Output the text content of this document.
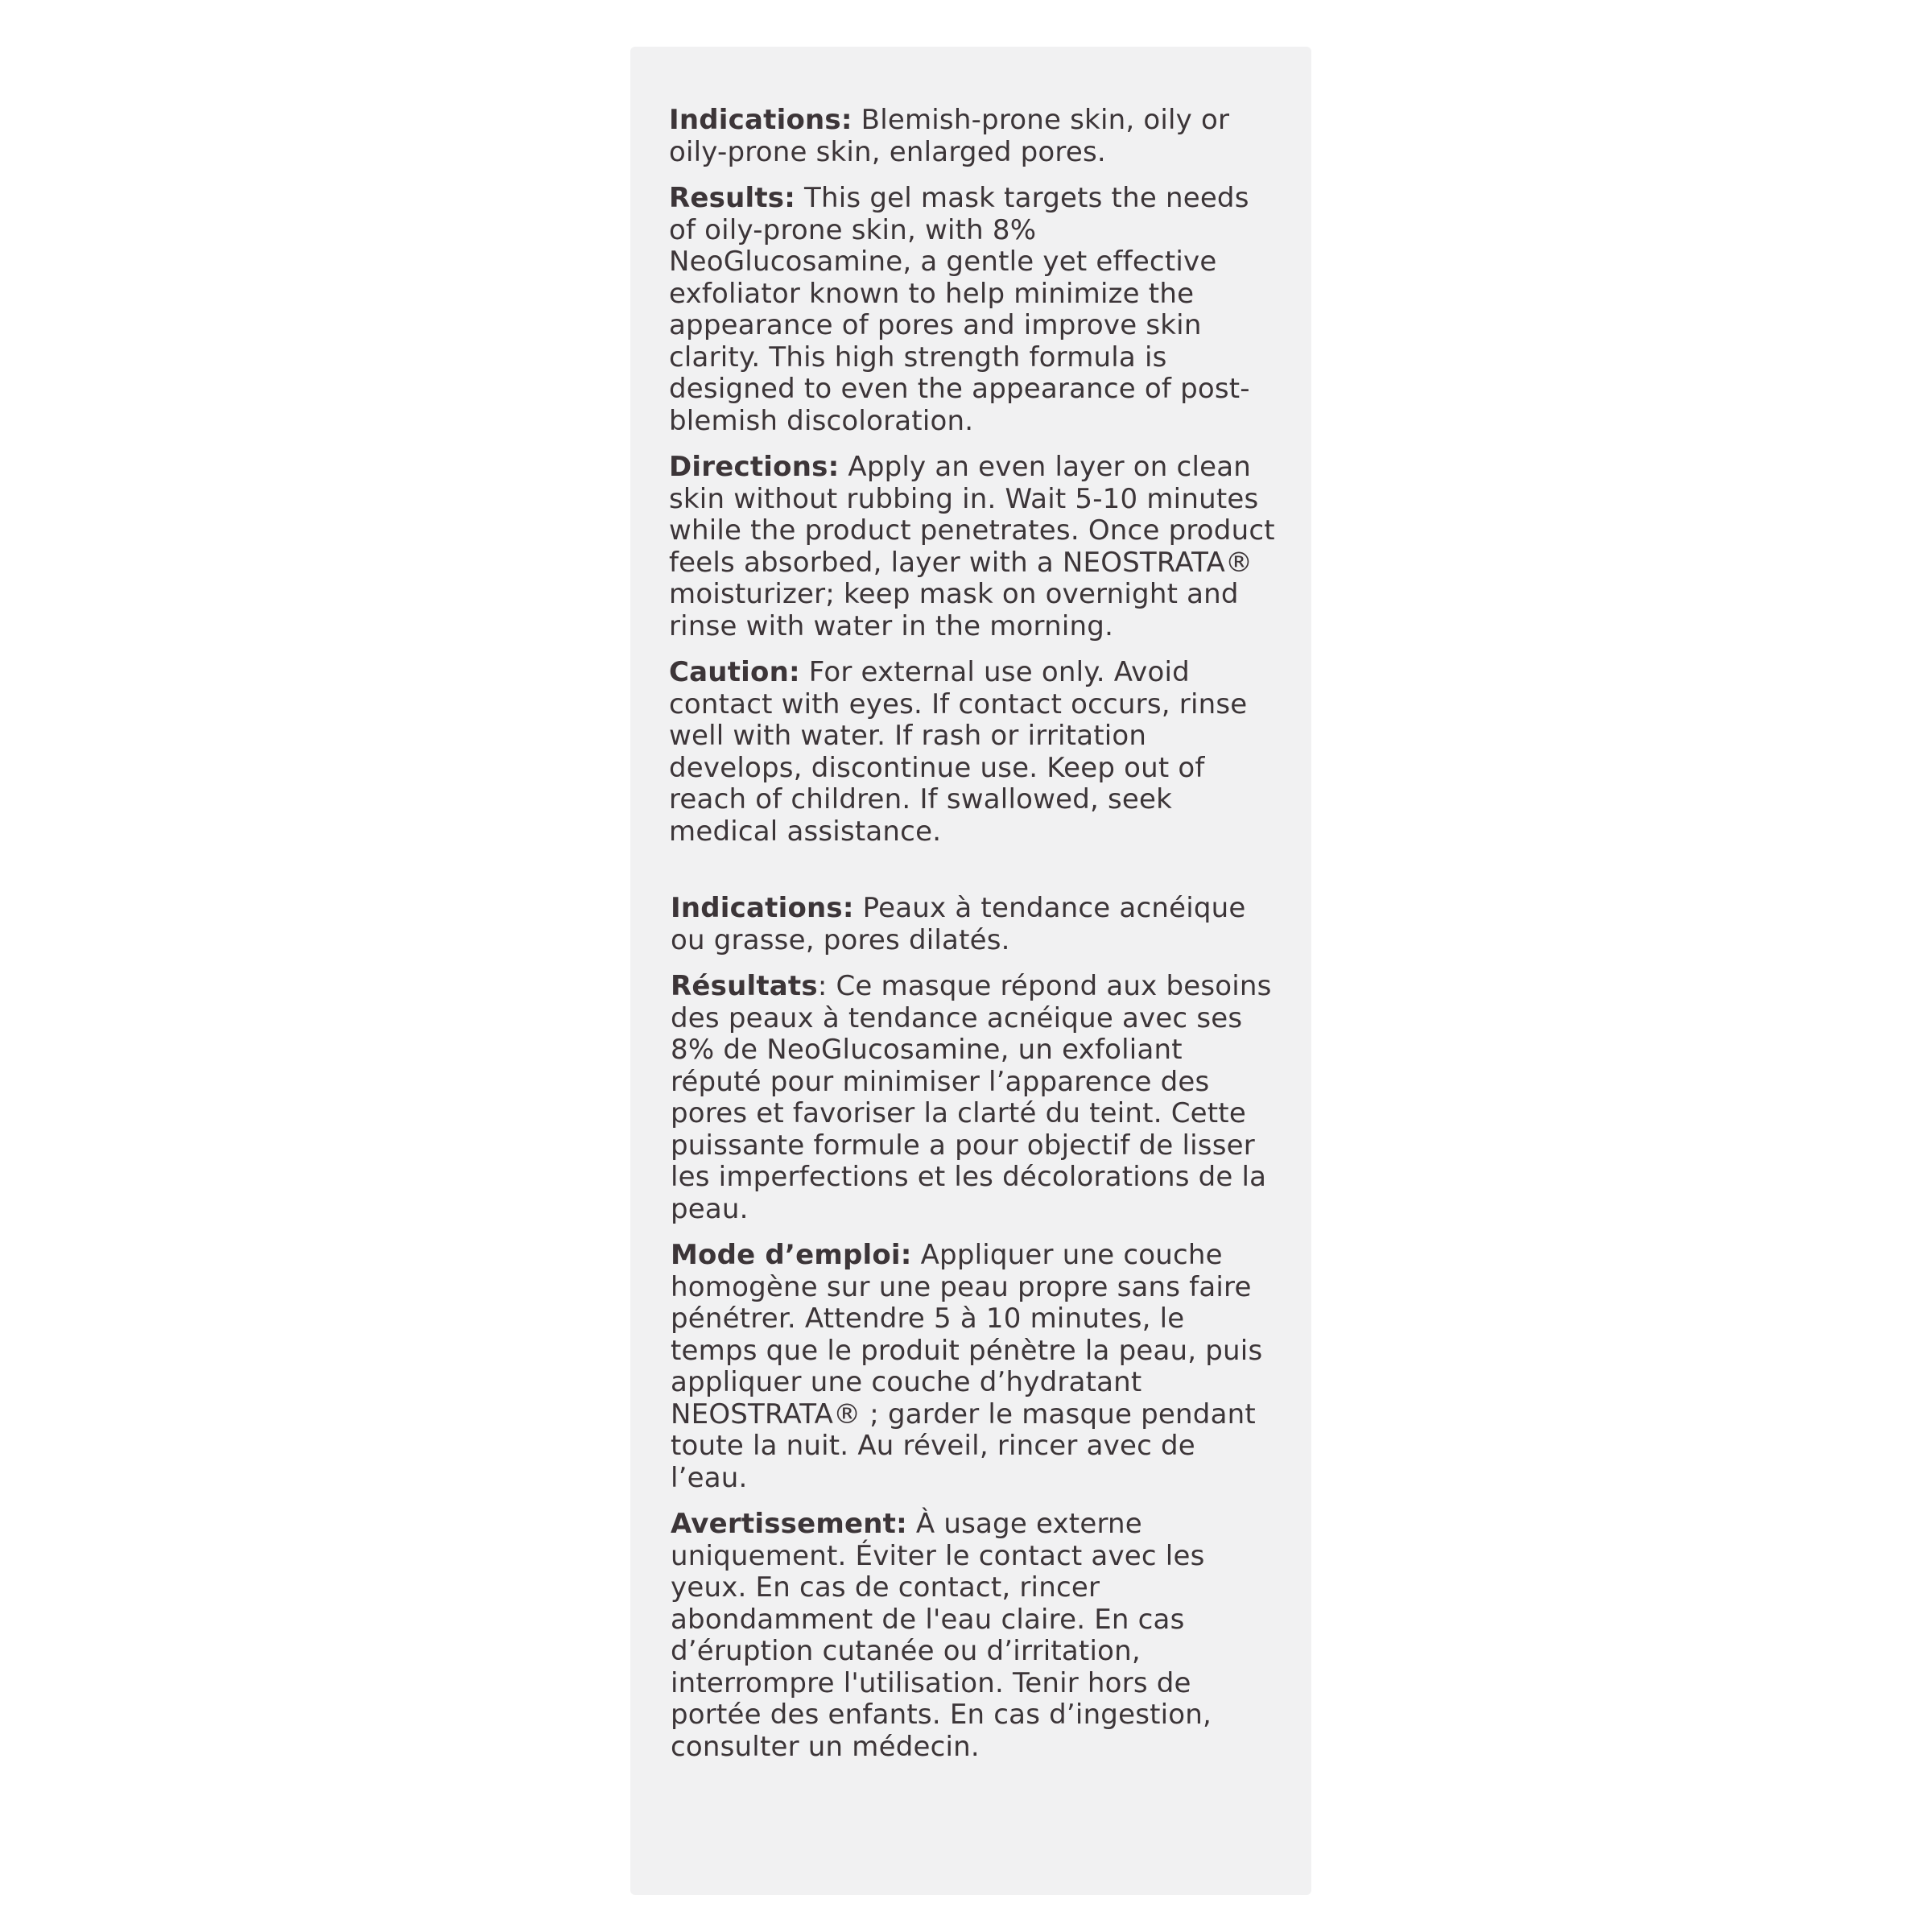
Indications: Blemish-prone skin, oily or oily-prone skin, enlarged pores.

Results: This gel mask targets the needs of oily-prone skin, with 8% NeoGlucosamine, a gentle yet effective exfoliator known to help minimize the appearance of pores and improve skin clarity. This high strength formula is designed to even the appearance of post-blemish discoloration.

Directions: Apply an even layer on clean skin without rubbing in. Wait 5-10 minutes while the product penetrates. Once product feels absorbed, layer with a NEOSTRATA® moisturizer; keep mask on overnight and rinse with water in the morning.

Caution: For external use only. Avoid contact with eyes. If contact occurs, rinse well with water. If rash or irritation develops, discontinue use. Keep out of reach of children. If swallowed, seek medical assistance.

Indications: Peaux à tendance acnéique ou grasse, pores dilatés.

Résultats: Ce masque répond aux besoins des peaux à tendance acnéique avec ses 8% de NeoGlucosamine, un exfoliant réputé pour minimiser l’apparence des pores et favoriser la clarté du teint. Cette puissante formule a pour objectif de lisser les imperfections et les décolorations de la peau.

Mode d’emploi: Appliquer une couche homogène sur une peau propre sans faire pénétrer. Attendre 5 à 10 minutes, le temps que le produit pénètre la peau, puis appliquer une couche d’hydratant NEOSTRATA® ; garder le masque pendant toute la nuit. Au réveil, rincer avec de l’eau.

Avertissement: À usage externe uniquement. Éviter le contact avec les yeux. En cas de contact, rincer abondamment de l'eau claire. En cas d’éruption cutanée ou d’irritation, interrompre l'utilisation. Tenir hors de portée des enfants. En cas d’ingestion, consulter un médecin.
